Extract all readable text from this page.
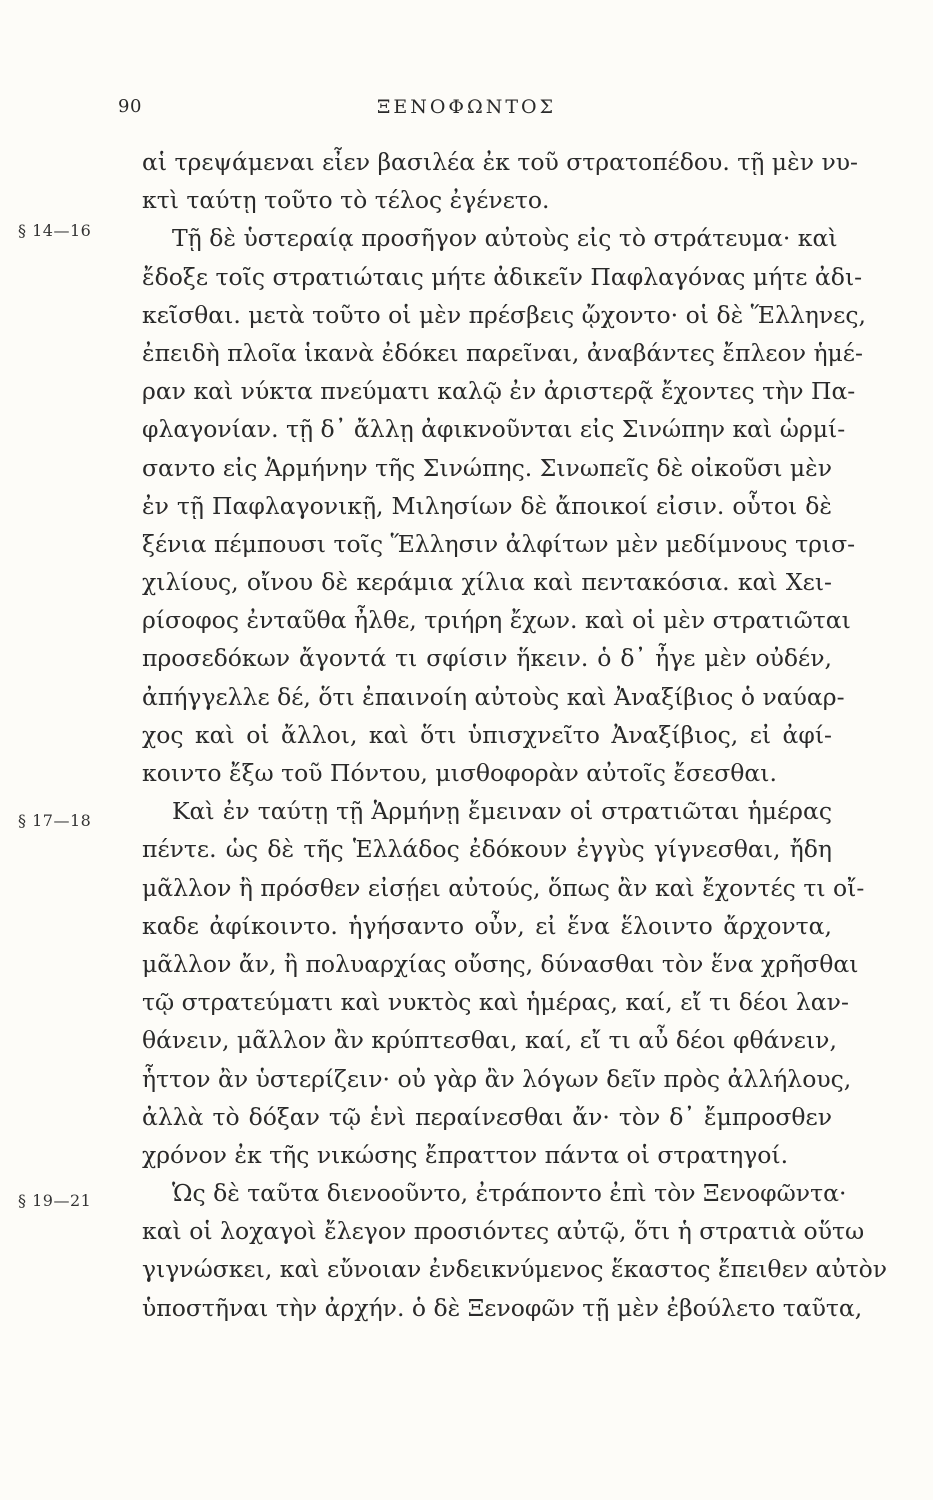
90	ΞΕΝΟΦΩΝΤΟΣ
§ 14—16
§ 17—18
§ 19—21
αἱ τρεψάμεναι εἶεν βασιλέα ἐκ τοῦ στρατοπέδου. τῇ μὲν νυ-
κτὶ ταύτῃ τοῦτο τὸ τέλος ἐγένετο.
Τῇ δὲ ὑστεραίᾳ προσῆγον αὐτοὺς εἰς τὸ στράτευμα· καὶ
ἔδοξε τοῖς στρατιώταις μήτε ἀδικεῖν Παφλαγόνας μήτε ἀδι-
κεῖσθαι. μετὰ τοῦτο οἱ μὲν πρέσβεις ᾤχοντο· οἱ δὲ Ἕλληνες,
ἐπειδὴ πλοῖα ἱκανὰ ἐδόκει παρεῖναι, ἀναβάντες ἔπλεον ἡμέ-
ραν καὶ νύκτα πνεύματι καλῷ ἐν ἀριστερᾷ ἔχοντες τὴν Πα-
φλαγονίαν. τῇ δ᾽ ἄλλῃ ἀφικνοῦνται εἰς Σινώπην καὶ ὡρμί-
σαντο εἰς Ἁρμήνην τῆς Σινώπης. Σινωπεῖς δὲ οἰκοῦσι μὲν
ἐν τῇ Παφλαγονικῇ, Μιλησίων δὲ ἄποικοί εἰσιν. οὗτοι δὲ
ξένια πέμπουσι τοῖς Ἕλλησιν ἀλφίτων μὲν μεδίμνους τρισ-
χιλίους, οἴνου δὲ κεράμια χίλια καὶ πεντακόσια. καὶ Χει-
ρίσοφος ἐνταῦθα ἦλθε, τριήρη ἔχων. καὶ οἱ μὲν στρατιῶται
προσεδόκων ἄγοντά τι σφίσιν ἥκειν. ὁ δ᾽ ἦγε μὲν οὐδέν,
ἀπήγγελλε δέ, ὅτι ἐπαινοίη αὐτοὺς καὶ Ἀναξίβιος ὁ ναύαρ-
χος καὶ οἱ ἄλλοι, καὶ ὅτι ὑπισχνεῖτο Ἀναξίβιος, εἰ ἀφί-
κοιντο ἔξω τοῦ Πόντου, μισθοφορὰν αὐτοῖς ἔσεσθαι.
Καὶ ἐν ταύτῃ τῇ Ἁρμήνῃ ἔμειναν οἱ στρατιῶται ἡμέρας
πέντε. ὡς δὲ τῆς Ἑλλάδος ἐδόκουν ἐγγὺς γίγνεσθαι, ἤδη
μᾶλλον ἢ πρόσθεν εἰσῄει αὐτούς, ὅπως ἂν καὶ ἔχοντές τι οἴ-
καδε ἀφίκοιντο. ἡγήσαντο οὖν, εἰ ἕνα ἕλοιντο ἄρχοντα,
μᾶλλον ἄν, ἢ πολυαρχίας οὔσης, δύνασθαι τὸν ἕνα χρῆσθαι
τῷ στρατεύματι καὶ νυκτὸς καὶ ἡμέρας, καί, εἴ τι δέοι λαν-
θάνειν, μᾶλλον ἂν κρύπτεσθαι, καί, εἴ τι αὖ δέοι φθάνειν,
ἧττον ἂν ὑστερίζειν· οὐ γὰρ ἂν λόγων δεῖν πρὸς ἀλλήλους,
ἀλλὰ τὸ δόξαν τῷ ἑνὶ περαίνεσθαι ἄν· τὸν δ᾽ ἔμπροσθεν
χρόνον ἐκ τῆς νικώσης ἔπραττον πάντα οἱ στρατηγοί.
Ὡς δὲ ταῦτα διενοοῦντο, ἐτράποντο ἐπὶ τὸν Ξενοφῶντα·
καὶ οἱ λοχαγοὶ ἔλεγον προσιόντες αὐτῷ, ὅτι ἡ στρατιὰ οὕτω
γιγνώσκει, καὶ εὔνοιαν ἐνδεικνύμενος ἕκαστος ἔπειθεν αὐτὸν
ὑποστῆναι τὴν ἀρχήν. ὁ δὲ Ξενοφῶν τῇ μὲν ἐβούλετο ταῦτα,
